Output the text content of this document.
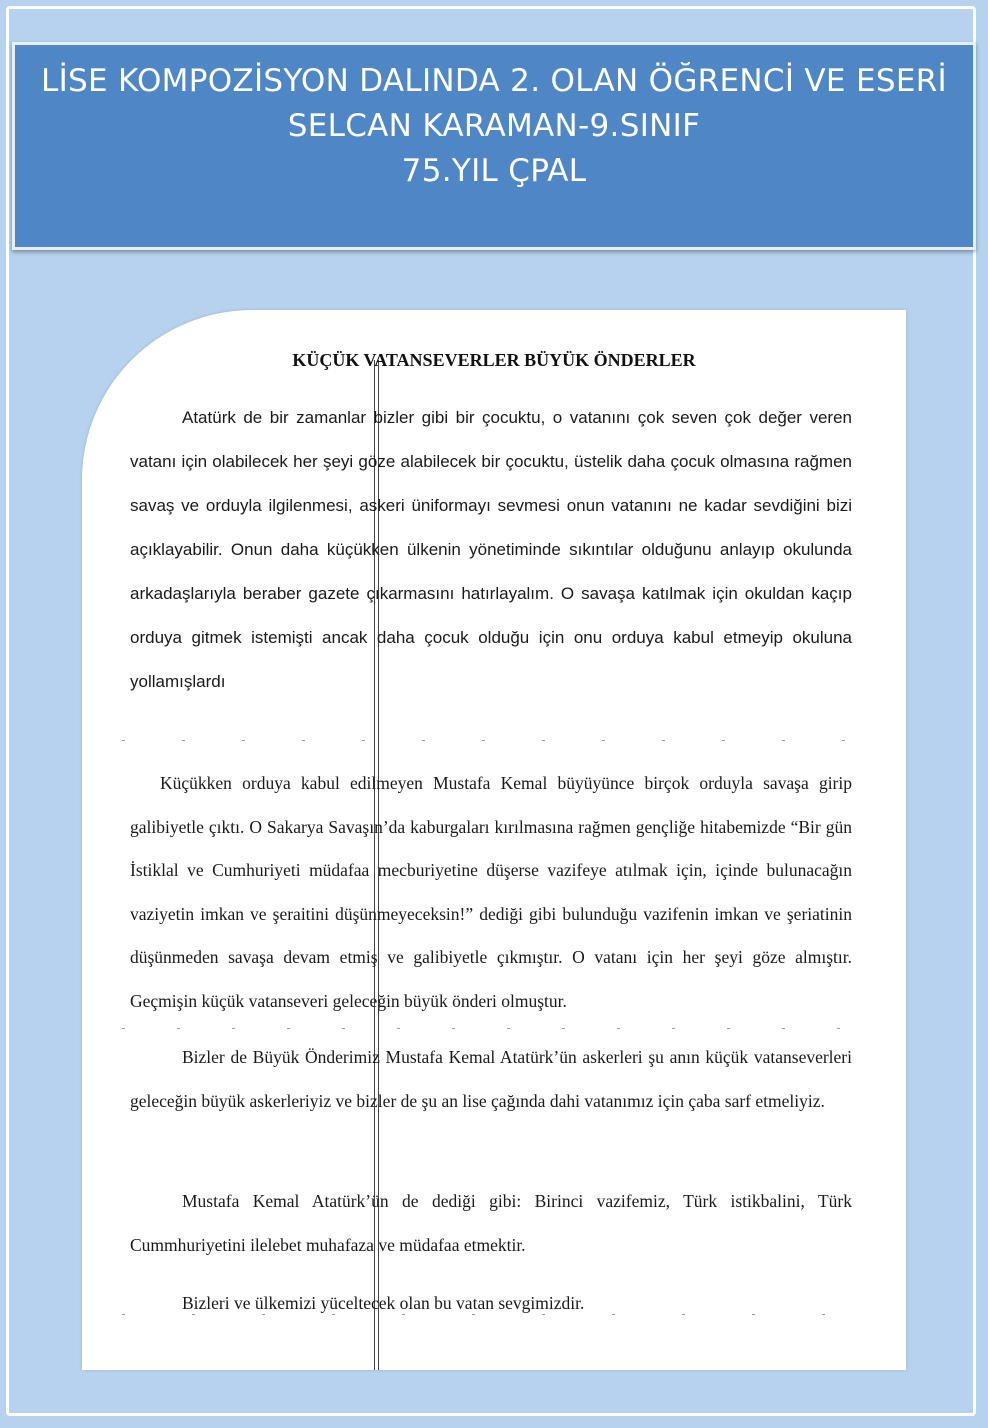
LİSE KOMPOZİSYON DALINDA 2. OLAN ÖĞRENCİ VE ESERİ
SELCAN KARAMAN-9.SINIF
75.YIL ÇPAL
KÜÇÜK VATANSEVERLER BÜYÜK ÖNDERLER
Atatürk de bir zamanlar bizler gibi bir çocuktu, o vatanını çok seven çok değer veren vatanı için olabilecek her şeyi göze alabilecek bir çocuktu, üstelik daha çocuk olmasına rağmen savaş ve orduyla ilgilenmesi, askeri üniformayı sevmesi onun vatanını ne kadar sevdiğini bizi açıklayabilir. Onun daha küçükken ülkenin yönetiminde sıkıntılar olduğunu anlayıp okulunda arkadaşlarıyla beraber gazete çıkarmasını hatırlayalım. O savaşa katılmak için okuldan kaçıp orduya gitmek istemişti ancak daha çocuk olduğu için onu orduya kabul etmeyip okuluna yollamışlardı
Küçükken orduya kabul edilmeyen Mustafa Kemal büyüyünce birçok orduyla savaşa girip galibiyetle çıktı. O Sakarya Savaşın’da kaburgaları kırılmasına rağmen gençliğe hitabemizde “Bir gün İstiklal ve Cumhuriyeti müdafaa mecburiyetine düşerse vazifeye atılmak için, içinde bulunacağın vaziyetin imkan ve şeraitini düşünmeyeceksin!” dediği gibi bulunduğu vazifenin imkan ve şeriatinin düşünmeden savaşa devam etmiş ve galibiyetle çıkmıştır. O vatanı için her şeyi göze almıştır. Geçmişin küçük vatanseveri geleceğin büyük önderi olmuştur.
Bizler de Büyük Önderimiz Mustafa Kemal Atatürk’ün askerleri şu anın küçük vatanseverleri geleceğin büyük askerleriyiz ve bizler de şu an lise çağında dahi vatanımız için çaba sarf etmeliyiz.
Mustafa Kemal Atatürk’ün de dediği gibi: Birinci vazifemiz, Türk istikbalini, Türk Cummhuriyetini ilelebet muhafaza ve müdafaa etmektir.
Bizleri ve ülkemizi yüceltecek olan bu vatan sevgimizdir.
